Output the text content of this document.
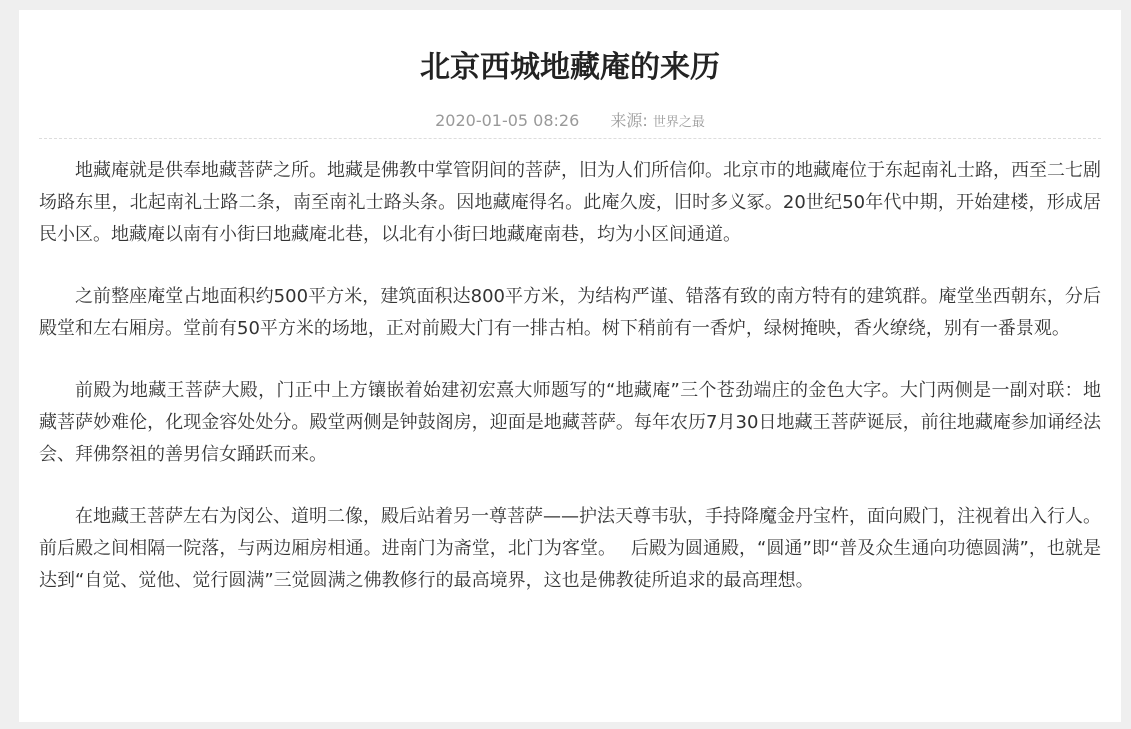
北京西城地藏庵的来历
2020-01-05 08:26 来源: 世界之最

地藏庵就是供奉地藏菩萨之所。地藏是佛教中掌管阴间的菩萨，旧为人们所信仰。北京市的地藏庵位于东起南礼士路，西至二七剧场路东里，北起南礼士路二条，南至南礼士路头条。因地藏庵得名。此庵久废，旧时多义冢。20世纪50年代中期，开始建楼，形成居民小区。地藏庵以南有小街曰地藏庵北巷，以北有小街曰地藏庵南巷，均为小区间通道。

之前整座庵堂占地面积约500平方米，建筑面积达800平方米，为结构严谨、错落有致的南方特有的建筑群。庵堂坐西朝东，分后殿堂和左右厢房。堂前有50平方米的场地，正对前殿大门有一排古柏。树下稍前有一香炉，绿树掩映，香火缭绕，别有一番景观。

前殿为地藏王菩萨大殿，门正中上方镶嵌着始建初宏熹大师题写的“地藏庵”三个苍劲端庄的金色大字。大门两侧是一副对联：地藏菩萨妙难伦，化现金容处处分。殿堂两侧是钟鼓阁房，迎面是地藏菩萨。每年农历7月30日地藏王菩萨诞辰，前往地藏庵参加诵经法会、拜佛祭祖的善男信女踊跃而来。

在地藏王菩萨左右为闵公、道明二像，殿后站着另一尊菩萨——护法天尊韦驮，手持降魔金丹宝杵，面向殿门，注视着出入行人。前后殿之间相隔一院落，与两边厢房相通。进南门为斋堂，北门为客堂。　 后殿为圆通殿，“圆通”即“普及众生通向功德圆满”，也就是达到“自觉、觉他、觉行圆满”三觉圆满之佛教修行的最高境界，这也是佛教徒所追求的最高理想。
